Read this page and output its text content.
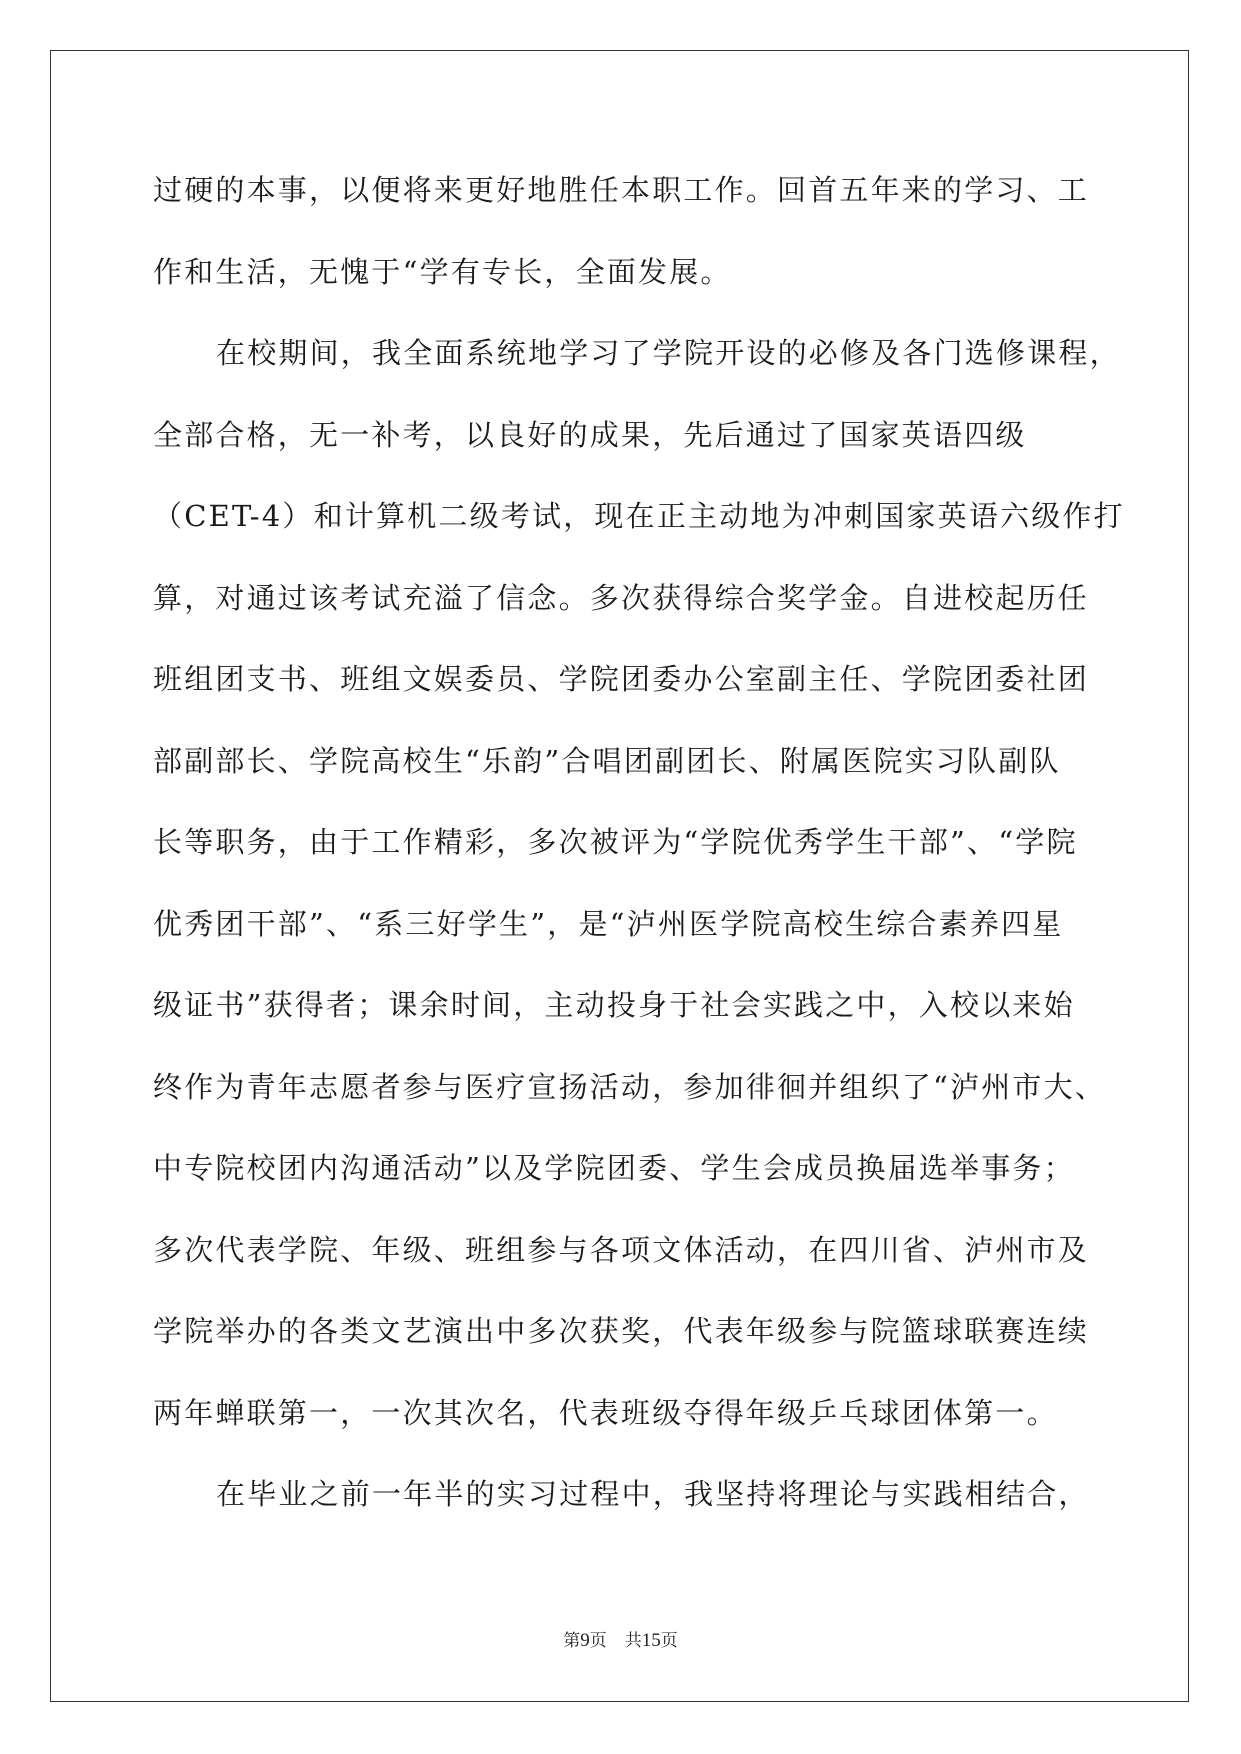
过硬的本事，以便将来更好地胜任本职工作。回首五年来的学习、工
作和生活，无愧于“学有专长，全面发展。
在校期间，我全面系统地学习了学院开设的必修及各门选修课程，
全部合格，无一补考，以良好的成果，先后通过了国家英语四级
（CET-4）和计算机二级考试，现在正主动地为冲刺国家英语六级作打
算，对通过该考试充溢了信念。多次获得综合奖学金。自进校起历任
班组团支书、班组文娱委员、学院团委办公室副主任、学院团委社团
部副部长、学院高校生“乐韵”合唱团副团长、附属医院实习队副队
长等职务，由于工作精彩，多次被评为“学院优秀学生干部”、“学院
优秀团干部”、“系三好学生”，是“泸州医学院高校生综合素养四星
级证书”获得者；课余时间，主动投身于社会实践之中，入校以来始
终作为青年志愿者参与医疗宣扬活动，参加徘徊并组织了“泸州市大、
中专院校团内沟通活动”以及学院团委、学生会成员换届选举事务；
多次代表学院、年级、班组参与各项文体活动，在四川省、泸州市及
学院举办的各类文艺演出中多次获奖，代表年级参与院篮球联赛连续
两年蝉联第一，一次其次名，代表班级夺得年级乒乓球团体第一。
在毕业之前一年半的实习过程中，我坚持将理论与实践相结合，
第9页 共15页
